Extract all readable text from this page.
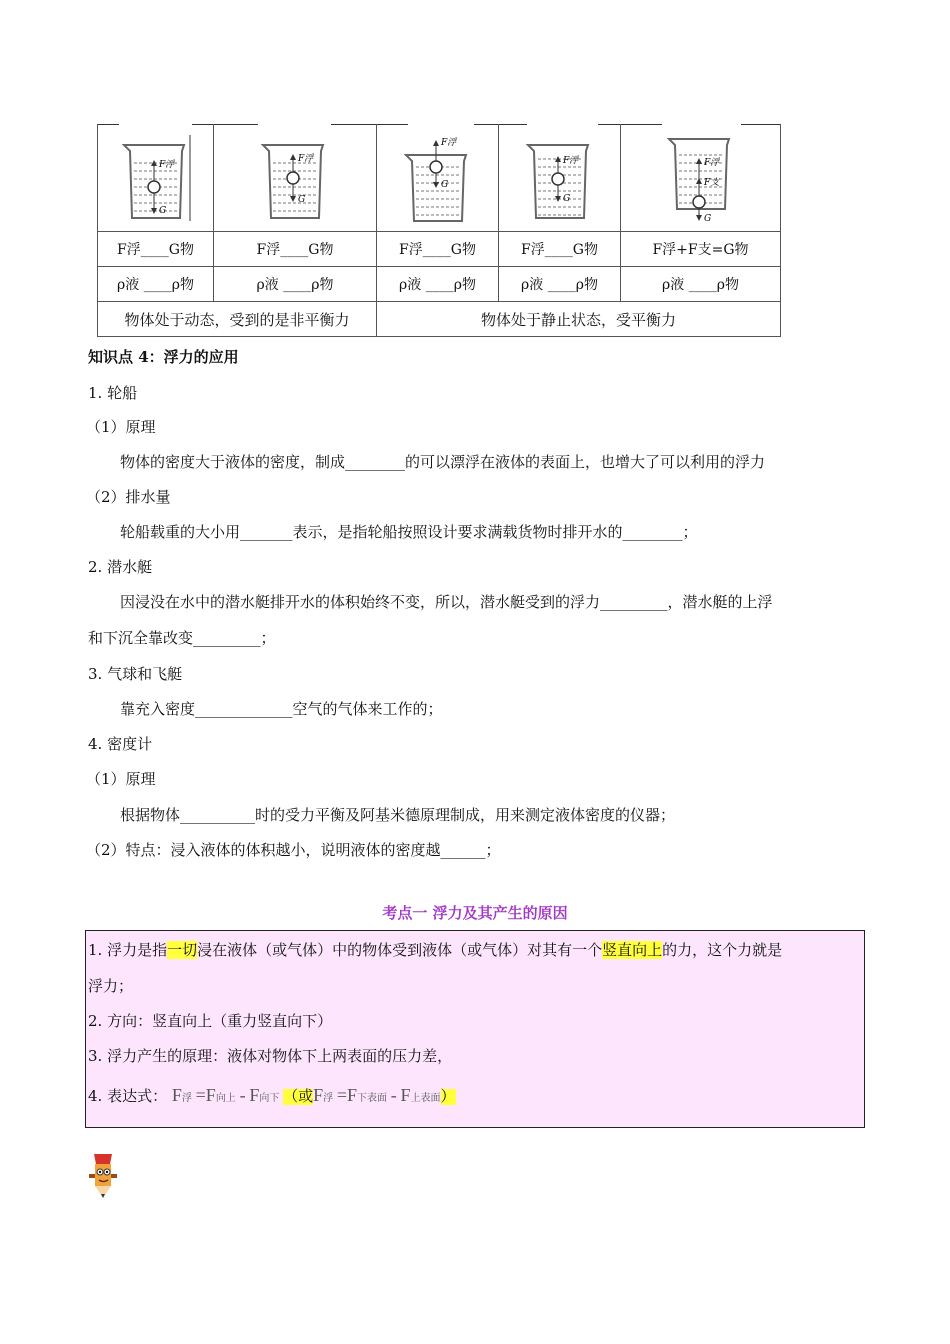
F浮
G	F浮
G	F浮
G	F浮
G	F浮
F支
G

F浮____G物	F浮____G物	F浮____G物	F浮____G物	F浮+F支=G物
ρ液 ____ρ物	ρ液 ____ρ物	ρ液 ____ρ物	ρ液 ____ρ物	ρ液 ____ρ物
物体处于动态，受到的是非平衡力		物体处于静止状态，受平衡力		
知识点 4：浮力的应用
1. 轮船
（1）原理
物体的密度大于液体的密度，制成________的可以漂浮在液体的表面上，也增大了可以利用的浮力
（2）排水量
轮船载重的大小用_______表示，是指轮船按照设计要求满载货物时排开水的________；
2. 潜水艇
因浸没在水中的潜水艇排开水的体积始终不变，所以，潜水艇受到的浮力_________，潜水艇的上浮
和下沉全靠改变_________；
3. 气球和飞艇
靠充入密度_____________空气的气体来工作的；
4. 密度计
（1）原理
根据物体__________时的受力平衡及阿基米德原理制成，用来测定液体密度的仪器；
（2）特点：浸入液体的体积越小，说明液体的密度越______；
考点一 浮力及其产生的原因
1. 浮力是指一切浸在液体（或气体）中的物体受到液体（或气体）对其有一个竖直向上的力，这个力就是
浮力；
2. 方向：竖直向上（重力竖直向下）
3. 浮力产生的原理：液体对物体下上两表面的压力差，
4. 表达式： F浮 =F向上 - F向下 （或F浮 =F下表面 - F上表面）
